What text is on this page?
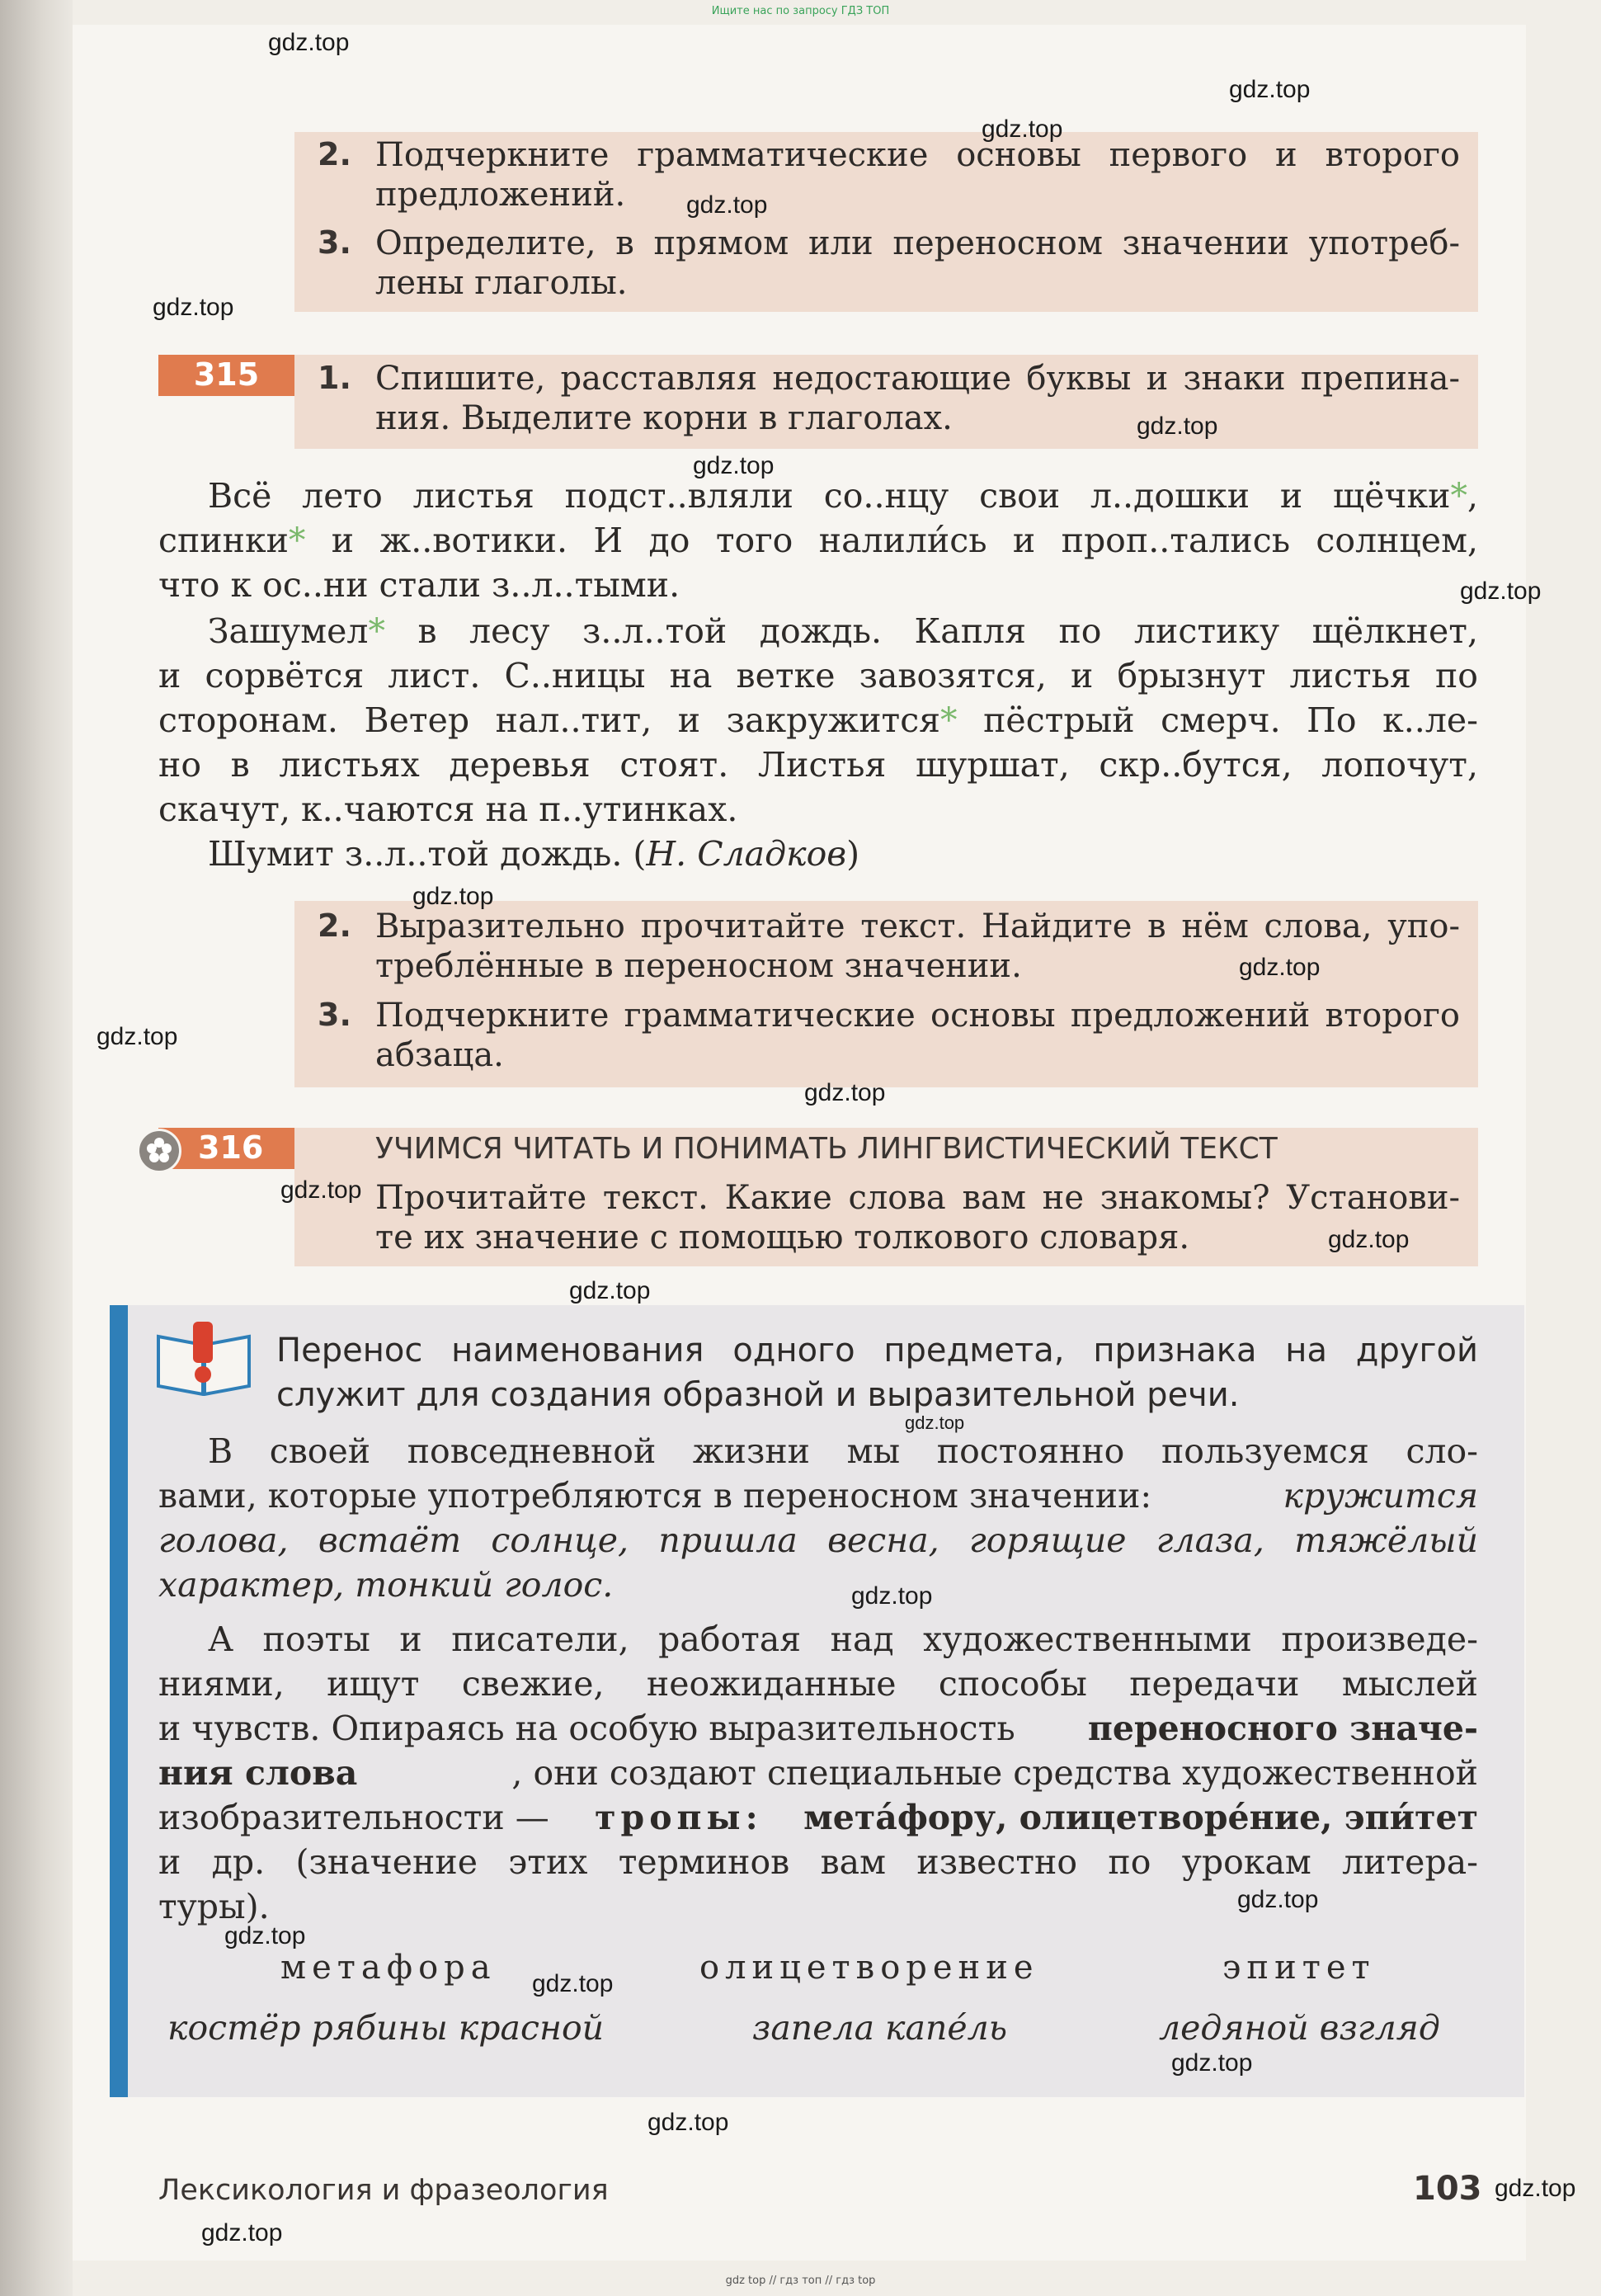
Ищите нас по запросу ГДЗ ТОП
2. Подчеркните грамматические основы первого и второго
предложений.
3. Определите, в прямом или переносном значении употреб-
лены глаголы.
315	1. Спишите, расставляя недостающие буквы и знаки препина-
ния. Выделите корни в глаголах.
Всё лето листья подст..вляли со..нцу свои л..дошки и щёчки*,
спинки* и ж..вотики. И до того налили́сь и проп..тались солнцем,
что к ос..ни стали з..л..тыми.
Зашумел* в лесу з..л..той дождь. Капля по листику щёлкнет,
и сорвётся лист. С..ницы на ветке завозятся, и брызнут листья по
сторонам. Ветер нал..тит, и закружится* пёстрый смерч. По к..ле-
но в листьях деревья стоят. Листья шуршат, скр..бутся, лопочут,
скачут, к..чаются на п..утинках.
Шумит з..л..той дождь. (Н. Сладков)
2. Выразительно прочитайте текст. Найдите в нём слова, упо-
треблённые в переносном значении.
3. Подчеркните грамматические основы предложений второго
абзаца.
316	УЧИМСЯ ЧИТАТЬ И ПОНИМАТЬ ЛИНГВИСТИЧЕСКИЙ ТЕКСТ
Прочитайте текст. Какие слова вам не знакомы? Установи-
те их значение с помощью толкового словаря.
Перенос наименования одного предмета, признака на другой
служит для создания образной и выразительной речи.
В своей повседневной жизни мы постоянно пользуемся сло-
вами, которые употребляются в переносном значении:	кружится
голова, встаёт солнце, пришла весна, горящие глаза, тяжёлый
характер, тонкий голос.
А поэты и писатели, работая над художественными произведе-
ниями, ищут свежие, неожиданные способы передачи мыслей
и чувств. Опираясь на особую выразительность переносного значе-
ния слова	, они создают специальные средства художественной
изобразительности — тропы: мета́фору, олицетворе́ние, эпи́тет
и др. (значение этих терминов вам известно по урокам литера-
туры).
метафора	олицетворение	эпитет
костёр рябины красной	запела капе́ль	ледяной взгляд
Лексикология и фразеология	103
gdz.top
gdz.top
gdz.top
gdz.top
gdz.top
gdz.top
gdz.top
gdz.top
gdz.top
gdz.top
gdz.top
gdz.top
gdz.top
gdz.top
gdz.top
gdz.top
gdz.top
gdz.top
gdz.top
gdz.top
gdz.top
gdz.top
gdz.top
gdz.top
gdz top // гдз топ // гдз top
